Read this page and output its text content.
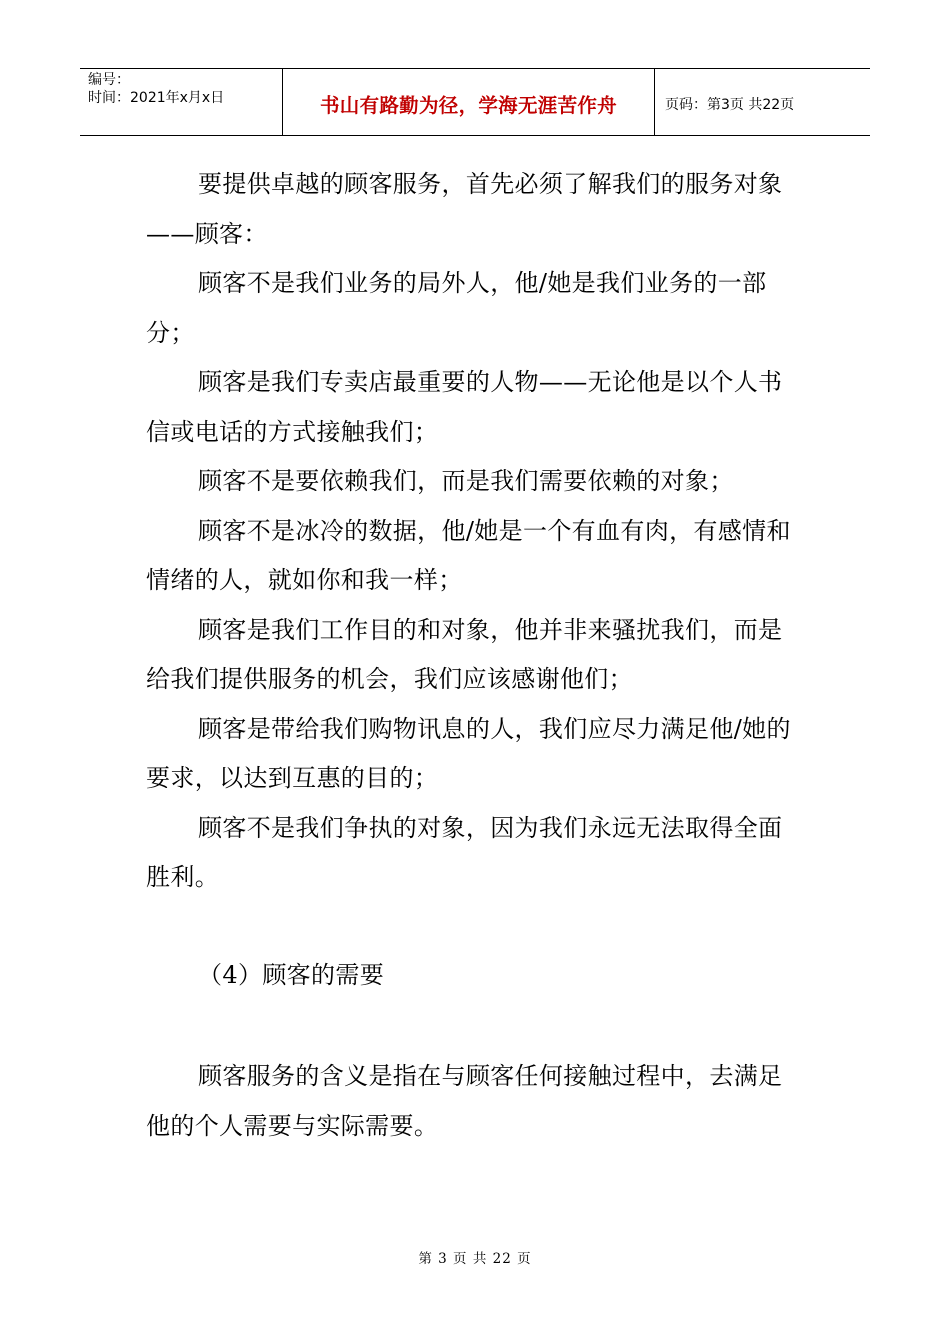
编号：
时间：2021年x月x日	书山有路勤为径，学海无涯苦作舟	页码：第3页 共22页

要提供卓越的顾客服务，首先必须了解我们的服务对象——顾客：

顾客不是我们业务的局外人，他/她是我们业务的一部分；

顾客是我们专卖店最重要的人物——无论他是以个人书信或电话的方式接触我们；

顾客不是要依赖我们，而是我们需要依赖的对象；

顾客不是冰冷的数据，他/她是一个有血有肉，有感情和情绪的人，就如你和我一样；

顾客是我们工作目的和对象，他并非来骚扰我们，而是给我们提供服务的机会，我们应该感谢他们；

顾客是带给我们购物讯息的人，我们应尽力满足他/她的要求，以达到互惠的目的；

顾客不是我们争执的对象，因为我们永远无法取得全面胜利。

（4）顾客的需要

顾客服务的含义是指在与顾客任何接触过程中，去满足他的个人需要与实际需要。

第 3 页 共 22 页
